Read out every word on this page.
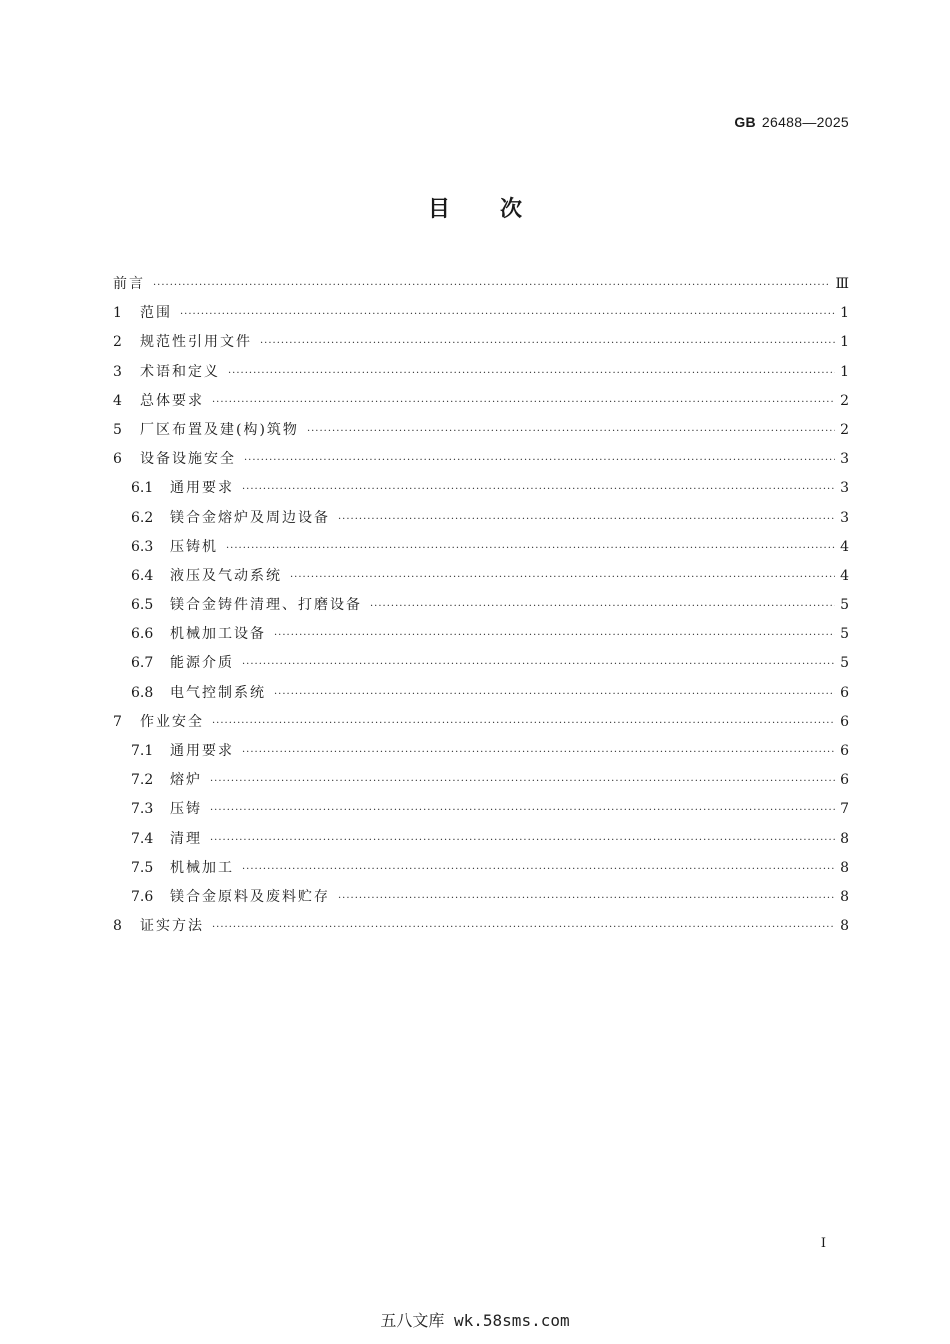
GB 26488—2025
目次
前言 ·····	Ⅲ
1	范围 ·····	1
2	规范性引用文件 ·····	1
3	术语和定义 ·····	1
4	总体要求 ·····	2
5	厂区布置及建(构)筑物 ·····	2
6	设备设施安全 ·····	3
6.1	通用要求 ·····	3
6.2	镁合金熔炉及周边设备 ·····	3
6.3	压铸机 ·····	4
6.4	液压及气动系统 ·····	4
6.5	镁合金铸件清理、打磨设备 ·····	5
6.6	机械加工设备 ·····	5
6.7	能源介质 ·····	5
6.8	电气控制系统 ·····	6
7	作业安全 ·····	6
7.1	通用要求 ·····	6
7.2	熔炉 ·····	6
7.3	压铸 ·····	7
7.4	清理 ·····	8
7.5	机械加工 ·····	8
7.6	镁合金原料及废料贮存 ·····	8
8	证实方法 ·····	8
I
五八文库 wk.58sms.com
